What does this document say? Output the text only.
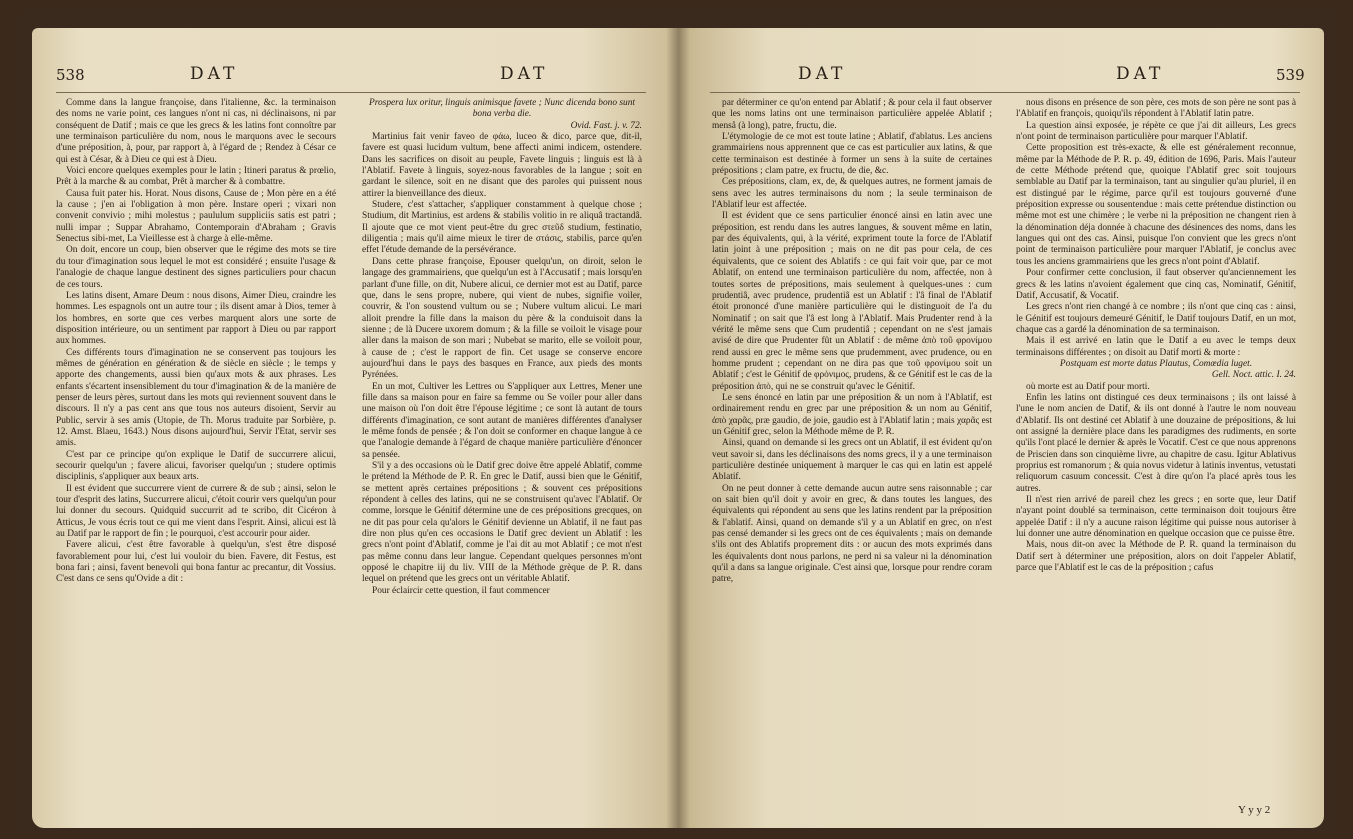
538	DAT	DAT

Comme dans la langue françoise, dans l'italienne, &c. la terminaison des noms ne varie point, ces langues n'ont ni cas, ni déclinaisons, ni par conséquent de Datif ; mais ce que les grecs & les latins font connoître par une terminaison particulière du nom, nous le marquons avec le secours d'une préposition, à, pour, par rapport à, à l'égard de ; Rendez à César ce qui est à César, & à Dieu ce qui est à Dieu.

Voici encore quelques exemples pour le latin ; Itineri paratus & prœlio, Prêt à la marche & au combat, Prêt à marcher & à combattre.

Causa fuit pater his. Horat. Nous disons, Cause de ; Mon père en a été la cause ; j'en ai l'obligation à mon père. Instare operi ; vixari non convenit convivio ; mihi molestus ; paululum suppliciis satis est patri ; nulli impar ; Suppar Abrahamo, Contemporain d'Abraham ; Gravis Senectus sibi-met, La Vieillesse est à charge à elle-même.

On doit, encore un coup, bien observer que le régime des mots se tire du tour d'imagination sous lequel le mot est considéré ; ensuite l'usage & l'analogie de chaque langue destinent des signes particuliers pour chacun de ces tours.

Les latins disent, Amare Deum : nous disons, Aimer Dieu, craindre les hommes. Les espagnols ont un autre tour ; ils disent amar à Dios, temer à los hombres, en sorte que ces verbes marquent alors une sorte de disposition intérieure, ou un sentiment par rapport à Dieu ou par rapport aux hommes.

Ces différents tours d'imagination ne se conservent pas toujours les mêmes de génération en génération & de siècle en siècle ; le temps y apporte des changements, aussi bien qu'aux mots & aux phrases. Les enfants s'écartent insensiblement du tour d'imagination & de la manière de penser de leurs pères, surtout dans les mots qui reviennent souvent dans le discours. Il n'y a pas cent ans que tous nos auteurs disoient, Servir au Public, servir à ses amis (Utopie, de Th. Morus traduite par Sorbière, p. 12. Amst. Blaeu, 1643.) Nous disons aujourd'hui, Servir l'Etat, servir ses amis.

C'est par ce principe qu'on explique le Datif de succurrere alicui, secourir quelqu'un ; favere alicui, favoriser quelqu'un ; studere optimis disciplinis, s'appliquer aux beaux arts.

Il est évident que succurrere vient de currere & de sub ; ainsi, selon le tour d'esprit des latins, Succurrere alicui, c'étoit courir vers quelqu'un pour lui donner du secours. Quidquid succurrit ad te scribo, dit Cicéron à Atticus, Je vous écris tout ce qui me vient dans l'esprit. Ainsi, alicui est là au Datif par le rapport de fin ; le pourquoi, c'est accourir pour aider.

Favere alicui, c'est être favorable à quelqu'un, s'est être disposé favorablement pour lui, c'est lui vouloir du bien. Favere, dit Festus, est bona fari ; ainsi, favent benevoli qui bona fantur ac precantur, dit Vossius. C'est dans ce sens qu'Ovide a dit :

Prospera lux oritur, linguis animisque favete ; Nunc dicenda bono sunt bona verba die.

Ovid. Fast. j. v. 72.

Martinius fait venir faveo de φάω, luceo & dico, parce que, dit-il, favere est quasi lucidum vultum, bene affecti animi indicem, ostendere. Dans les sacrifices on disoit au peuple, Favete linguis ; linguis est là à l'Ablatif. Favete à linguis, soyez-nous favorables de la langue ; soit en gardant le silence, soit en ne disant que des paroles qui puissent nous attirer la bienveillance des dieux.

Studere, c'est s'attacher, s'appliquer constamment à quelque chose ; Studium, dit Martinius, est ardens & stabilis volitio in re aliquâ tractandâ. Il ajoute que ce mot vient peut-être du grec στεῦδ studium, festinatio, diligentia ; mais qu'il aime mieux le tirer de στάσις, stabilis, parce qu'en effet l'étude demande de la persévérance.

Dans cette phrase françoise, Epouser quelqu'un, on diroit, selon le langage des grammairiens, que quelqu'un est à l'Accusatif ; mais lorsqu'en parlant d'une fille, on dit, Nubere alicui, ce dernier mot est au Datif, parce que, dans le sens propre, nubere, qui vient de nubes, signifie voiler, couvrir, & l'on soustend vultum ou se ; Nubere vultum alicui. Le mari alloit prendre la fille dans la maison du père & la conduisoit dans la sienne ; de là Ducere uxorem domum ; & la fille se voiloit le visage pour aller dans la maison de son mari ; Nubebat se marito, elle se voiloit pour, à cause de ; c'est le rapport de fin. Cet usage se conserve encore aujourd'hui dans le pays des basques en France, aux pieds des monts Pyrénées.

En un mot, Cultiver les Lettres ou S'appliquer aux Lettres, Mener une fille dans sa maison pour en faire sa femme ou Se voiler pour aller dans une maison où l'on doit être l'épouse légitime ; ce sont là autant de tours différents d'imagination, ce sont autant de manières différentes d'analyser le même fonds de pensée ; & l'on doit se conformer en chaque langue à ce que l'analogie demande à l'égard de chaque manière particulière d'énoncer sa pensée.

S'il y a des occasions où le Datif grec doive être appelé Ablatif, comme le prétend la Méthode de P. R. En grec le Datif, aussi bien que le Génitif, se mettent après certaines prépositions ; & souvent ces prépositions répondent à celles des latins, qui ne se construisent qu'avec l'Ablatif. Or comme, lorsque le Génitif détermine une de ces prépositions grecques, on ne dit pas pour cela qu'alors le Génitif devienne un Ablatif, il ne faut pas dire non plus qu'en ces occasions le Datif grec devient un Ablatif : les grecs n'ont point d'Ablatif, comme je l'ai dit au mot Ablatif ; ce mot n'est pas même connu dans leur langue. Cependant quelques personnes m'ont opposé le chapitre iij du liv. VIII de la Méthode grèque de P. R. dans lequel on prétend que les grecs ont un véritable Ablatif.

Pour éclaircir cette question, il faut commencer

DAT	DAT	539

par déterminer ce qu'on entend par Ablatif ; & pour cela il faut observer que les noms latins ont une terminaison particulière appelée Ablatif ; menså (à long), patre, fructu, die.

L'étymologie de ce mot est toute latine ; Ablatif, d'ablatus. Les anciens grammairiens nous apprennent que ce cas est particulier aux latins, & que cette terminaison est destinée à former un sens à la suite de certaines prépositions ; clam patre, ex fructu, de die, &c.

Ces prépositions, clam, ex, de, & quelques autres, ne forment jamais de sens avec les autres terminaisons du nom ; la seule terminaison de l'Ablatif leur est affectée.

Il est évident que ce sens particulier énoncé ainsi en latin avec une préposition, est rendu dans les autres langues, & souvent même en latin, par des équivalents, qui, à la vérité, expriment toute la force de l'Ablatif latin joint à une préposition ; mais on ne dit pas pour cela, de ces équivalents, que ce soient des Ablatifs : ce qui fait voir que, par ce mot Ablatif, on entend une terminaison particulière du nom, affectée, non à toutes sortes de prépositions, mais seulement à quelques-unes : cum prudentiâ, avec prudence, prudentiâ est un Ablatif : l'â final de l'Ablatif étoit prononcé d'une manière particulière qui le distinguoit de l'a du Nominatif ; on sait que l'â est long à l'Ablatif. Mais Prudenter rend à la vérité le même sens que Cum prudentiâ ; cependant on ne s'est jamais avisé de dire que Prudenter fût un Ablatif : de même ἀπὸ τοῦ φρονίμου rend aussi en grec le même sens que prudemment, avec prudence, ou en homme prudent ; cependant on ne dira pas que τοῦ φρονίμου soit un Ablatif ; c'est le Génitif de φρόνιμος, prudens, & ce Génitif est le cas de la préposition ἀπὸ, qui ne se construit qu'avec le Génitif.

Le sens énoncé en latin par une préposition & un nom à l'Ablatif, est ordinairement rendu en grec par une préposition & un nom au Génitif, ἀπὸ χαρᾶς, præ gaudio, de joie, gaudio est à l'Ablatif latin ; mais χαρᾶς est un Génitif grec, selon la Méthode même de P. R.

Ainsi, quand on demande si les grecs ont un Ablatif, il est évident qu'on veut savoir si, dans les déclinaisons des noms grecs, il y a une terminaison particulière destinée uniquement à marquer le cas qui en latin est appelé Ablatif.

On ne peut donner à cette demande aucun autre sens raisonnable ; car on sait bien qu'il doit y avoir en grec, & dans toutes les langues, des équivalents qui répondent au sens que les latins rendent par la préposition & l'ablatif. Ainsi, quand on demande s'il y a un Ablatif en grec, on n'est pas censé demander si les grecs ont de ces équivalents ; mais on demande s'ils ont des Ablatifs proprement dits : or aucun des mots exprimés dans les équivalents dont nous parlons, ne perd ni sa valeur ni la dénomination qu'il a dans sa langue originale. C'est ainsi que, lorsque pour rendre coram patre,

nous disons en présence de son père, ces mots de son père ne sont pas à l'Ablatif en françois, quoiqu'ils répondent à l'Ablatif latin patre.

La question ainsi exposée, je répète ce que j'ai dit ailleurs, Les grecs n'ont point de terminaison particulière pour marquer l'Ablatif.

Cette proposition est très-exacte, & elle est généralement reconnue, même par la Méthode de P. R. p. 49, édition de 1696, Paris. Mais l'auteur de cette Méthode prétend que, quoique l'Ablatif grec soit toujours semblable au Datif par la terminaison, tant au singulier qu'au pluriel, il en est distingué par le régime, parce qu'il est toujours gouverné d'une préposition expresse ou sousentendue : mais cette prétendue distinction ou même mot est une chimère ; le verbe ni la préposition ne changent rien à la dénomination déja donnée à chacune des désinences des noms, dans les langues qui ont des cas. Ainsi, puisque l'on convient que les grecs n'ont point de terminaison particulière pour marquer l'Ablatif, je conclus avec tous les anciens grammairiens que les grecs n'ont point d'Ablatif.

Pour confirmer cette conclusion, il faut observer qu'anciennement les grecs & les latins n'avoient également que cinq cas, Nominatif, Génitif, Datif, Accusatif, & Vocatif.

Les grecs n'ont rien changé à ce nombre ; ils n'ont que cinq cas : ainsi, le Génitif est toujours demeuré Génitif, le Datif toujours Datif, en un mot, chaque cas a gardé la dénomination de sa terminaison.

Mais il est arrivé en latin que le Datif a eu avec le temps deux terminaisons différentes ; on disoit au Datif morti & morte :

Postquam est morte datus Plautus, Comœdia luget.

Gell. Noct. attic. I. 24.

où morte est au Datif pour morti.

Enfin les latins ont distingué ces deux terminaisons ; ils ont laissé à l'une le nom ancien de Datif, & ils ont donné à l'autre le nom nouveau d'Ablatif. Ils ont destiné cet Ablatif à une douzaine de prépositions, & lui ont assigné la dernière place dans les paradigmes des rudiments, en sorte qu'ils l'ont placé le dernier & après le Vocatif. C'est ce que nous apprenons de Priscien dans son cinquième livre, au chapitre de casu. Igitur Ablativus proprius est romanorum ; & quia novus videtur à latinis inventus, vetustati reliquorum casuum concessit. C'est à dire qu'on l'a placé après tous les autres.

Il n'est rien arrivé de pareil chez les grecs ; en sorte que, leur Datif n'ayant point doublé sa terminaison, cette terminaison doit toujours être appelée Datif : il n'y a aucune raison légitime qui puisse nous autoriser à lui donner une autre dénomination en quelque occasion que ce puisse être.

Mais, nous dit-on avec la Méthode de P. R. quand la terminaison du Datif sert à déterminer une préposition, alors on doit l'appeler Ablatif, parce que l'Ablatif est le cas de la préposition ; cafus

Y y y 2
